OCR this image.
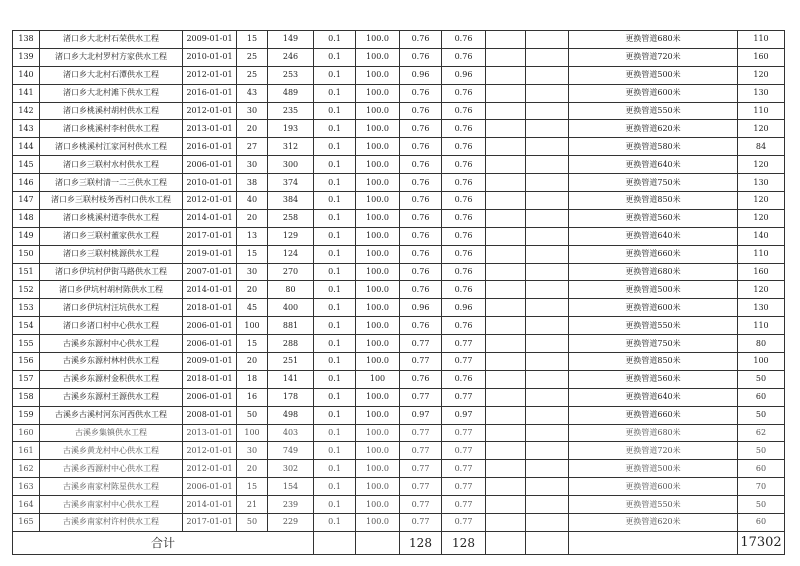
138	渚口乡大北村石荣供水工程	2009-01-01	15	149	0.1	100.0	0.76	0.76			更换管道680米	110
139	渚口乡大北村罗村方家供水工程	2010-01-01	25	246	0.1	100.0	0.76	0.76			更换管道720米	160
140	渚口乡大北村石潭供水工程	2012-01-01	25	253	0.1	100.0	0.96	0.96			更换管道500米	120
141	渚口乡大北村滩下供水工程	2016-01-01	43	489	0.1	100.0	0.76	0.76			更换管道600米	130
142	渚口乡桃溪村胡村供水工程	2012-01-01	30	235	0.1	100.0	0.76	0.76			更换管道550米	110
143	渚口乡桃溪村李村供水工程	2013-01-01	20	193	0.1	100.0	0.76	0.76			更换管道620米	120
144	渚口乡桃溪村江家河村供水工程	2016-01-01	27	312	0.1	100.0	0.76	0.76			更换管道580米	84
145	渚口乡三联村水村供水工程	2006-01-01	30	300	0.1	100.0	0.76	0.76			更换管道640米	120
146	渚口乡三联村清一二三供水工程	2010-01-01	38	374	0.1	100.0	0.76	0.76			更换管道750米	130
147	渚口乡三联村枝务西村口供水工程	2012-01-01	40	384	0.1	100.0	0.76	0.76			更换管道850米	120
148	渚口乡桃溪村道李供水工程	2014-01-01	20	258	0.1	100.0	0.76	0.76			更换管道560米	120
149	渚口乡三联村董家供水工程	2017-01-01	13	129	0.1	100.0	0.76	0.76			更换管道640米	140
150	渚口乡三联村桃源供水工程	2019-01-01	15	124	0.1	100.0	0.76	0.76			更换管道660米	110
151	渚口乡伊坑村伊街马路供水工程	2007-01-01	30	270	0.1	100.0	0.76	0.76			更换管道680米	160
152	渚口乡伊坑村胡村陈供水工程	2014-01-01	20	80	0.1	100.0	0.76	0.76			更换管道500米	120
153	渚口乡伊坑村汪坑供水工程	2018-01-01	45	400	0.1	100.0	0.96	0.96			更换管道600米	130
154	渚口乡渚口村中心供水工程	2006-01-01	100	881	0.1	100.0	0.76	0.76			更换管道550米	110
155	古溪乡东源村中心供水工程	2006-01-01	15	288	0.1	100.0	0.77	0.77			更换管道750米	80
156	古溪乡东源村林村供水工程	2009-01-01	20	251	0.1	100.0	0.77	0.77			更换管道850米	100
157	古溪乡东源村金积供水工程	2018-01-01	18	141	0.1	100	0.76	0.76			更换管道560米	50
158	古溪乡东源村王源供水工程	2006-01-01	16	178	0.1	100.0	0.77	0.77			更换管道640米	60
159	古溪乡古溪村河东河西供水工程	2008-01-01	50	498	0.1	100.0	0.97	0.97			更换管道660米	50
160	古溪乡集镇供水工程	2013-01-01	100	403	0.1	100.0	0.77	0.77			更换管道680米	62
161	古溪乡黄龙村中心供水工程	2012-01-01	30	749	0.1	100.0	0.77	0.77			更换管道720米	50
162	古溪乡西源村中心供水工程	2012-01-01	20	302	0.1	100.0	0.77	0.77			更换管道500米	60
163	古溪乡南家村陈星供水工程	2006-01-01	15	154	0.1	100.0	0.77	0.77			更换管道600米	70
164	古溪乡南家村中心供水工程	2014-01-01	21	239	0.1	100.0	0.77	0.77			更换管道550米	50
165	古溪乡南家村许村供水工程	2017-01-01	50	229	0.1	100.0	0.77	0.77			更换管道620米	60
合计							128	128				17302
